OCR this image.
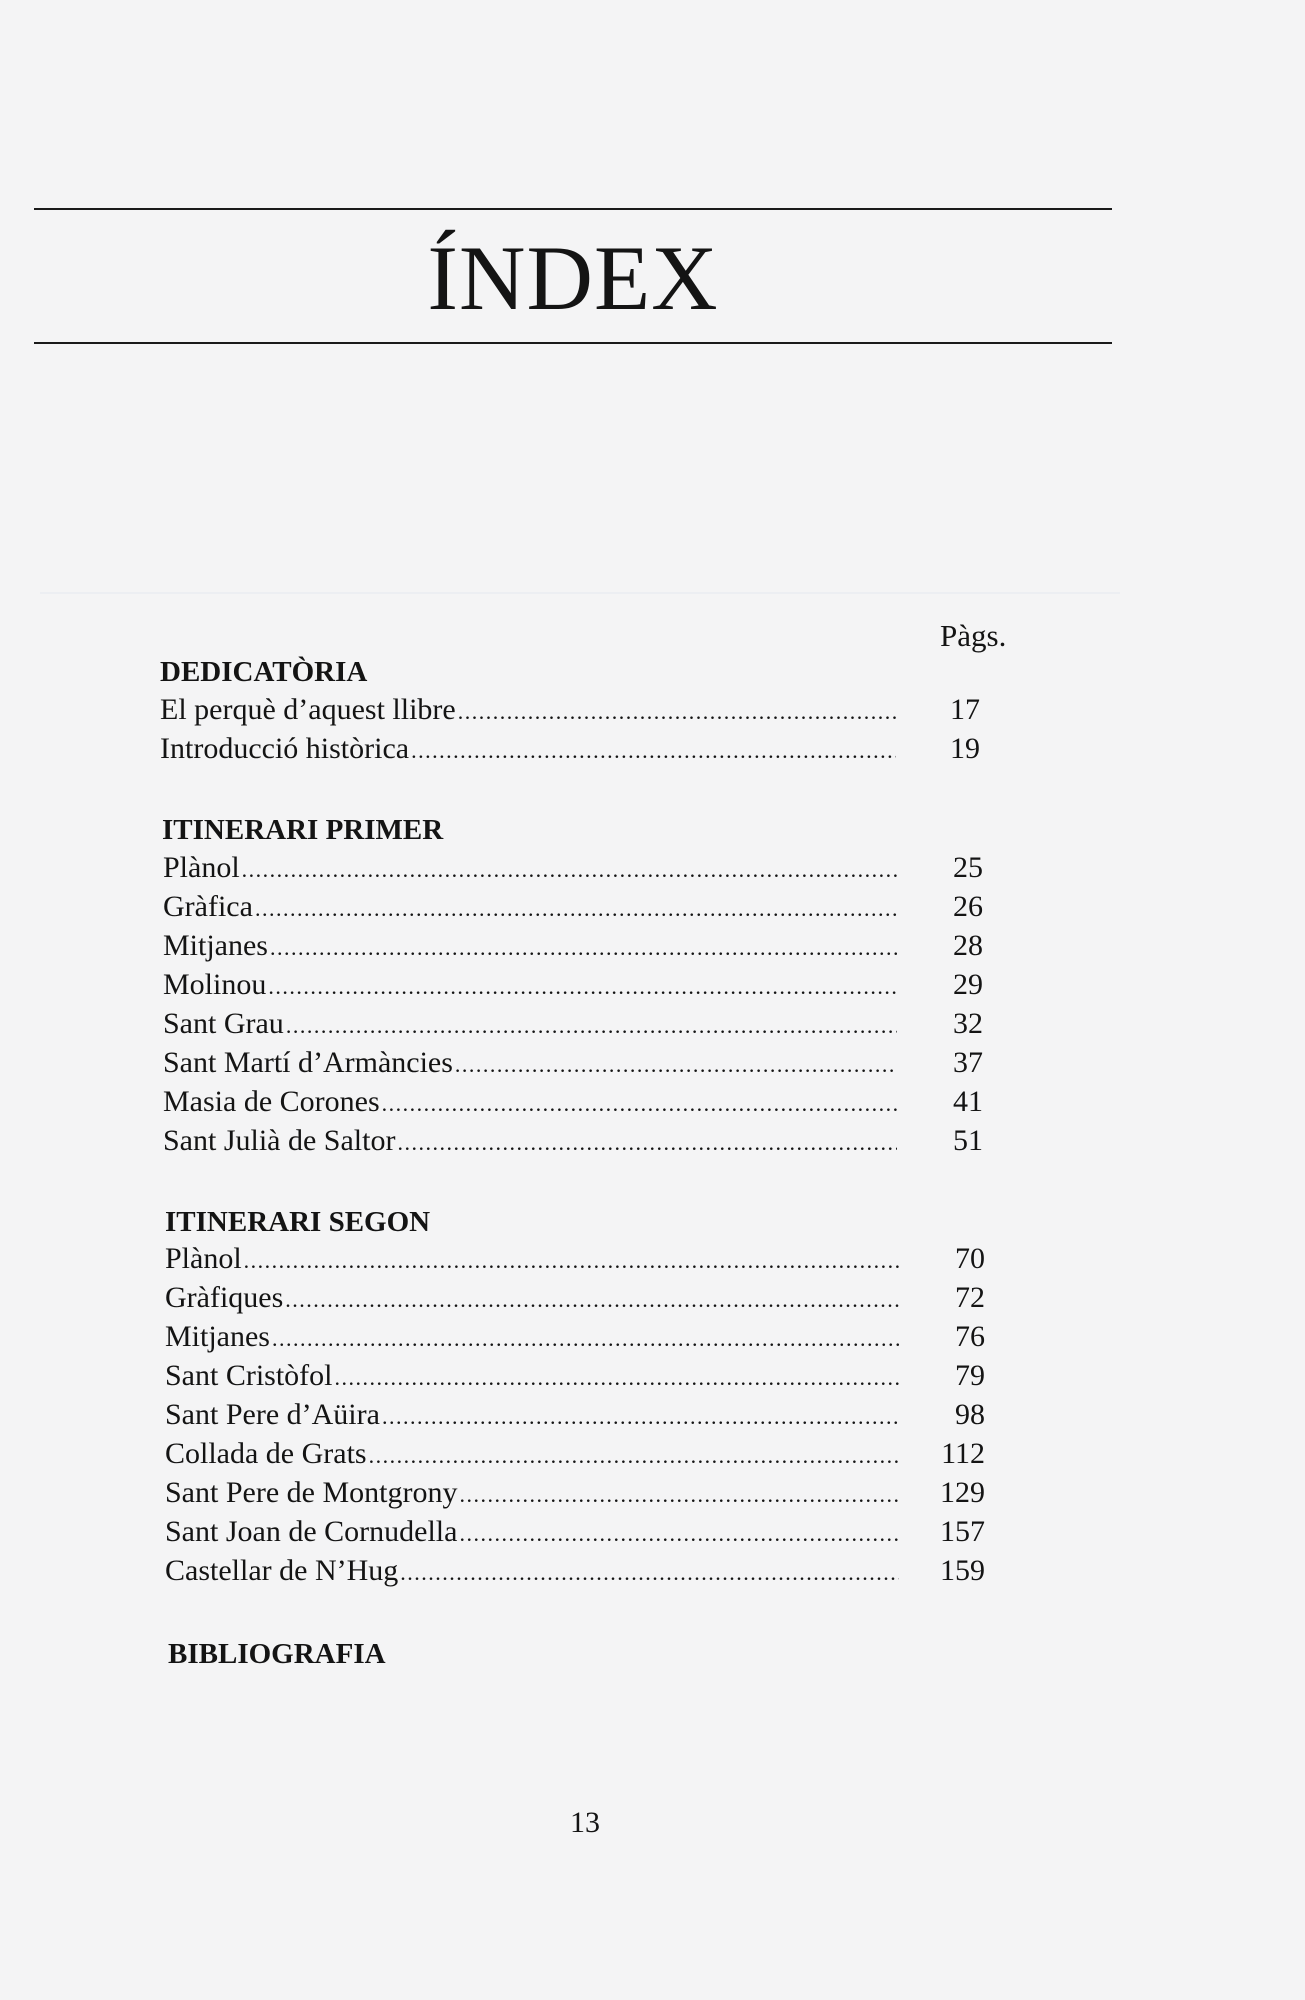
ÍNDEX
Pàgs.
DEDICATÒRIA
El perquè d’aquest llibre . . .	17
Introducció històrica . . .	19
ITINERARI PRIMER
Plànol . . .	25
Gràfica . . .	26
Mitjanes . . .	28
Molinou . . .	29
Sant Grau . . .	32
Sant Martí d’Armàncies . . .	37
Masia de Corones . . .	41
Sant Julià de Saltor . . .	51
ITINERARI SEGON
Plànol . . .	70
Gràfiques . . .	72
Mitjanes . . .	76
Sant Cristòfol . . .	79
Sant Pere d’Aüira . . .	98
Collada de Grats . . .	112
Sant Pere de Montgrony . . .	129
Sant Joan de Cornudella . . .	157
Castellar de N’Hug . . .	159
BIBLIOGRAFIA
13
